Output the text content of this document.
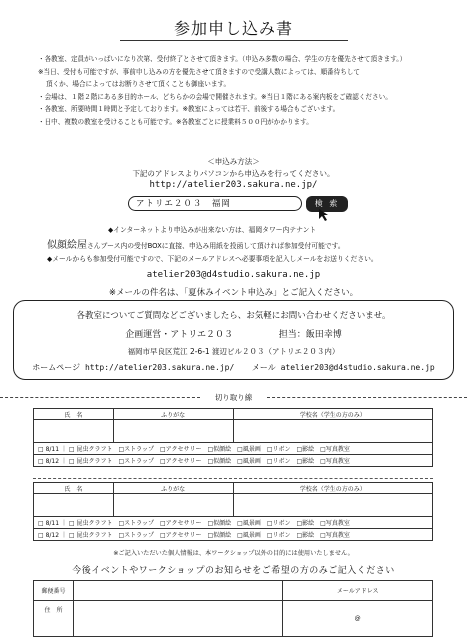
参加申し込み書
・各教室、定員がいっぱいになり次第、受付終了とさせて頂きます。（申込み多数の場合、学生の方を優先させて頂きます。）
※当日、受付も可能ですが、事前申し込みの方を優先させて頂きますので受講人数によっては、順番待ちして
頂くか、場合によってはお断りさせて頂くことも御座います。
・会場は、１階２階にある多目的ホール、どちらかの会場で開催されます。※当日１階にある案内板をご確認ください。
・各教室、所要時間１時間と予定しております。※教室によっては若干、前後する場合もございます。
・日中、複数の教室を受けることも可能です。※各教室ごとに授業料５００円がかかります。
＜申込み方法＞
下記のアドレスよりパソコンから申込みを行ってください。
http://atelier203.sakura.ne.jp/
アトリエ２０３　福岡	検 索
◆インターネットより申込みが出来ない方は、福岡タワー内テナント
似顔絵屋さんブース内の受付BOXに直接、申込み用紙を投函して頂ければ参加受付可能です。
◆メールからも参加受付可能ですので、下記のメールアドレスへ必要事項を記入しメールをお送りください。
atelier203@d4studio.sakura.ne.jp
※メールの件名は、「夏休みイベント申込み」とご記入ください。
各教室についてご質問などございましたら、お気軽にお問い合わせくださいませ。
企画運営・アトリエ２０３	担当：飯田幸博
福岡市早良区荒江 2-6-1 渡辺ビル２０３（アトリエ２０３内）
ホームページ http://atelier203.sakura.ne.jp/ メール atelier203@d4studio.sakura.ne.jp
切り取り線
氏　名	ふりがな	学校名（学生の方のみ）

□ 8/11 ｜ □ 昆虫クラフト　□ストラップ　□アクセサリー　□似顔絵　□風景画　□リボン　□影絵　□写真教室		
□ 8/12 ｜ □ 昆虫クラフト　□ストラップ　□アクセサリー　□似顔絵　□風景画　□リボン　□影絵　□写真教室		
氏　名	ふりがな	学校名（学生の方のみ）

□ 8/11 ｜ □ 昆虫クラフト　□ストラップ　□アクセサリー　□似顔絵　□風景画　□リボン　□影絵　□写真教室		
□ 8/12 ｜ □ 昆虫クラフト　□ストラップ　□アクセサリー　□似顔絵　□風景画　□リボン　□影絵　□写真教室		
※ご記入いただいた個人情報は、本ワークショップ以外の目的には使用いたしません。
今後イベントやワークショップのお知らせをご希望の方のみご記入ください
郵便番号		メールアドレス
住　所		@
